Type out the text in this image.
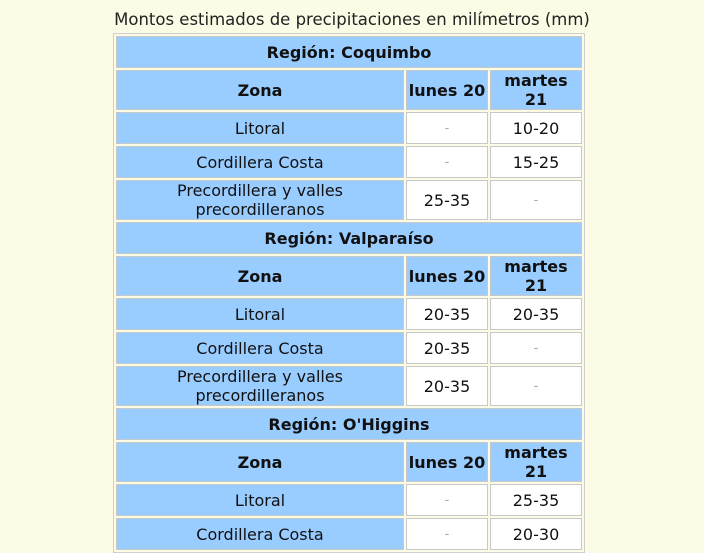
Montos estimados de precipitaciones en milímetros (mm)
Región: Coquimbo		
Zona	lunes 20	martes 21
Litoral	-	10-20
Cordillera Costa	-	15-25
Precordillera y valles precordilleranos	25-35	-
Región: Valparaíso		
Zona	lunes 20	martes 21
Litoral	20-35	20-35
Cordillera Costa	20-35	-
Precordillera y valles precordilleranos	20-35	-
Región: O'Higgins		
Zona	lunes 20	martes 21
Litoral	-	25-35
Cordillera Costa	-	20-30
